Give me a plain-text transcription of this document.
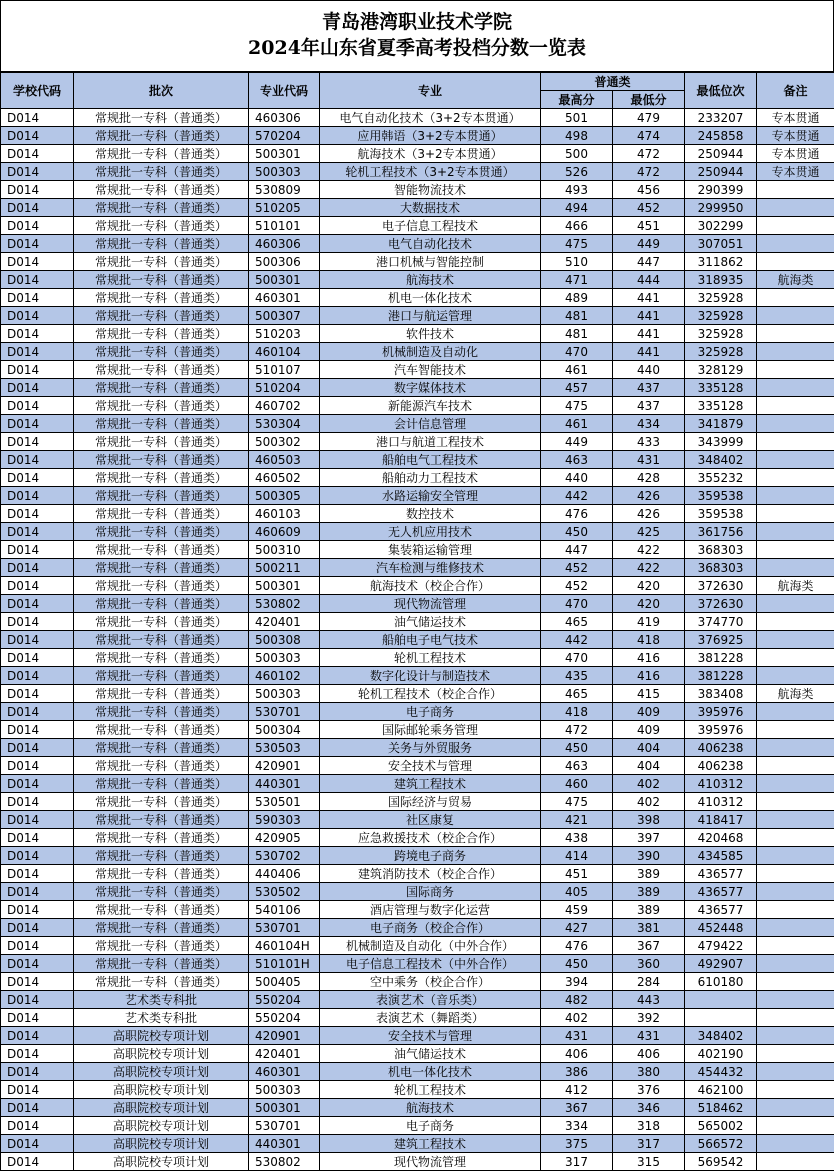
青岛港湾职业技术学院
2024年山东省夏季高考投档分数一览表
学校代码	批次	专业代码	专业	普通类		最低位次	备注
				最高分	最低分		
D014	常规批一专科（普通类）	460306	电气自动化技术（3+2专本贯通）	501	479	233207	专本贯通
D014	常规批一专科（普通类）	570204	应用韩语（3+2专本贯通）	498	474	245858	专本贯通
D014	常规批一专科（普通类）	500301	航海技术（3+2专本贯通）	500	472	250944	专本贯通
D014	常规批一专科（普通类）	500303	轮机工程技术（3+2专本贯通）	526	472	250944	专本贯通
D014	常规批一专科（普通类）	530809	智能物流技术	493	456	290399	
D014	常规批一专科（普通类）	510205	大数据技术	494	452	299950	
D014	常规批一专科（普通类）	510101	电子信息工程技术	466	451	302299	
D014	常规批一专科（普通类）	460306	电气自动化技术	475	449	307051	
D014	常规批一专科（普通类）	500306	港口机械与智能控制	510	447	311862	
D014	常规批一专科（普通类）	500301	航海技术	471	444	318935	航海类
D014	常规批一专科（普通类）	460301	机电一体化技术	489	441	325928	
D014	常规批一专科（普通类）	500307	港口与航运管理	481	441	325928	
D014	常规批一专科（普通类）	510203	软件技术	481	441	325928	
D014	常规批一专科（普通类）	460104	机械制造及自动化	470	441	325928	
D014	常规批一专科（普通类）	510107	汽车智能技术	461	440	328129	
D014	常规批一专科（普通类）	510204	数字媒体技术	457	437	335128	
D014	常规批一专科（普通类）	460702	新能源汽车技术	475	437	335128	
D014	常规批一专科（普通类）	530304	会计信息管理	461	434	341879	
D014	常规批一专科（普通类）	500302	港口与航道工程技术	449	433	343999	
D014	常规批一专科（普通类）	460503	船舶电气工程技术	463	431	348402	
D014	常规批一专科（普通类）	460502	船舶动力工程技术	440	428	355232	
D014	常规批一专科（普通类）	500305	水路运输安全管理	442	426	359538	
D014	常规批一专科（普通类）	460103	数控技术	476	426	359538	
D014	常规批一专科（普通类）	460609	无人机应用技术	450	425	361756	
D014	常规批一专科（普通类）	500310	集装箱运输管理	447	422	368303	
D014	常规批一专科（普通类）	500211	汽车检测与维修技术	452	422	368303	
D014	常规批一专科（普通类）	500301	航海技术（校企合作）	452	420	372630	航海类
D014	常规批一专科（普通类）	530802	现代物流管理	470	420	372630	
D014	常规批一专科（普通类）	420401	油气储运技术	465	419	374770	
D014	常规批一专科（普通类）	500308	船舶电子电气技术	442	418	376925	
D014	常规批一专科（普通类）	500303	轮机工程技术	470	416	381228	
D014	常规批一专科（普通类）	460102	数字化设计与制造技术	435	416	381228	
D014	常规批一专科（普通类）	500303	轮机工程技术（校企合作）	465	415	383408	航海类
D014	常规批一专科（普通类）	530701	电子商务	418	409	395976	
D014	常规批一专科（普通类）	500304	国际邮轮乘务管理	472	409	395976	
D014	常规批一专科（普通类）	530503	关务与外贸服务	450	404	406238	
D014	常规批一专科（普通类）	420901	安全技术与管理	463	404	406238	
D014	常规批一专科（普通类）	440301	建筑工程技术	460	402	410312	
D014	常规批一专科（普通类）	530501	国际经济与贸易	475	402	410312	
D014	常规批一专科（普通类）	590303	社区康复	421	398	418417	
D014	常规批一专科（普通类）	420905	应急救援技术（校企合作）	438	397	420468	
D014	常规批一专科（普通类）	530702	跨境电子商务	414	390	434585	
D014	常规批一专科（普通类）	440406	建筑消防技术（校企合作）	451	389	436577	
D014	常规批一专科（普通类）	530502	国际商务	405	389	436577	
D014	常规批一专科（普通类）	540106	酒店管理与数字化运营	459	389	436577	
D014	常规批一专科（普通类）	530701	电子商务（校企合作）	427	381	452448	
D014	常规批一专科（普通类）	460104H	机械制造及自动化（中外合作）	476	367	479422	
D014	常规批一专科（普通类）	510101H	电子信息工程技术（中外合作）	450	360	492907	
D014	常规批一专科（普通类）	500405	空中乘务（校企合作）	394	284	610180	
D014	艺术类专科批	550204	表演艺术（音乐类）	482	443		
D014	艺术类专科批	550204	表演艺术（舞蹈类）	402	392		
D014	高职院校专项计划	420901	安全技术与管理	431	431	348402	
D014	高职院校专项计划	420401	油气储运技术	406	406	402190	
D014	高职院校专项计划	460301	机电一体化技术	386	380	454432	
D014	高职院校专项计划	500303	轮机工程技术	412	376	462100	
D014	高职院校专项计划	500301	航海技术	367	346	518462	
D014	高职院校专项计划	530701	电子商务	334	318	565002	
D014	高职院校专项计划	440301	建筑工程技术	375	317	566572	
D014	高职院校专项计划	530802	现代物流管理	317	315	569542	
